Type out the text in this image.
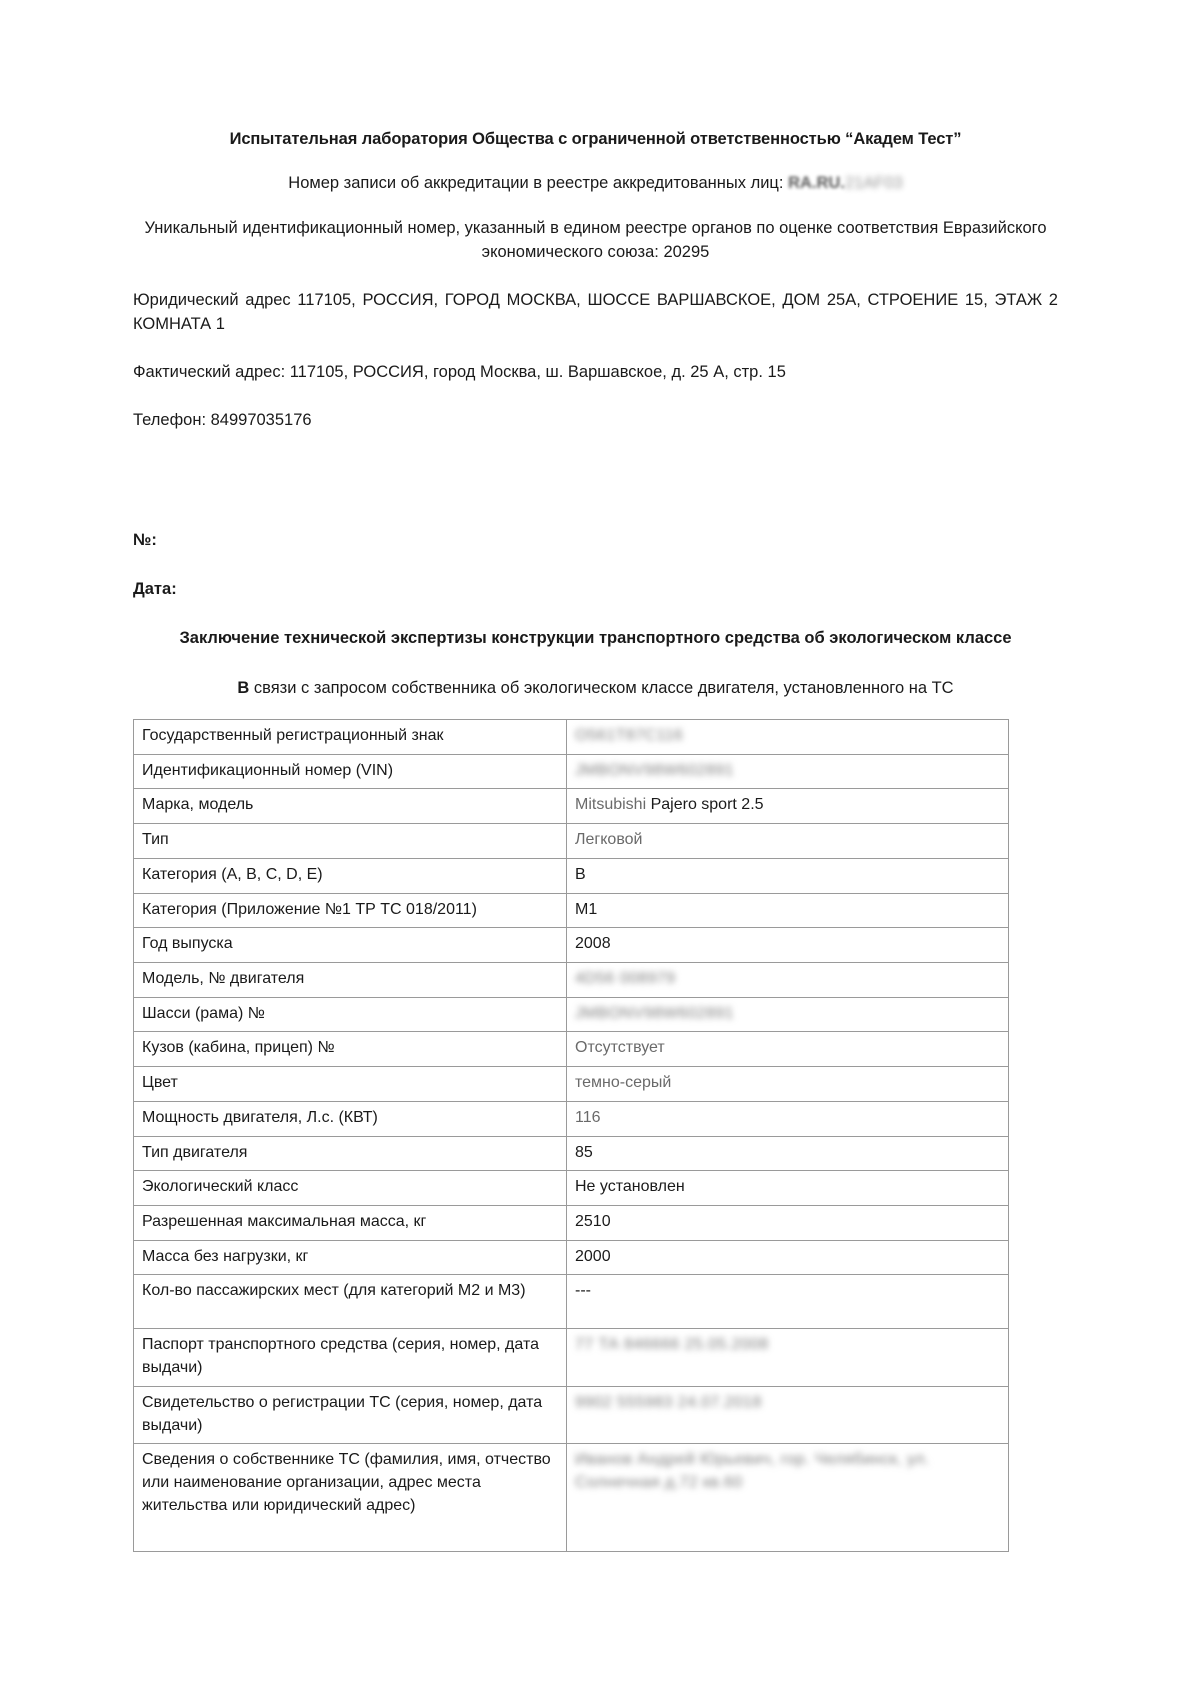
Испытательная лаборатория Общества с ограниченной ответственностью “Академ Тест”
Номер записи об аккредитации в реестре аккредитованных лиц: RA.RU.21AF03
Уникальный идентификационный номер, указанный в едином реестре органов по оценке соответствия Евразийского экономического союза: 20295
Юридический адрес 117105, РОССИЯ, ГОРОД МОСКВА, ШОССЕ ВАРШАВСКОЕ, ДОМ 25А, СТРОЕНИЕ 15, ЭТАЖ 2 КОМНАТА 1
Фактический адрес: 117105, РОССИЯ, город Москва, ш. Варшавское, д. 25 А, стр. 15
Телефон: 84997035176
№:
Дата:
Заключение технической экспертизы конструкции транспортного средства об экологическом классе
В связи с запросом собственника об экологическом классе двигателя, установленного на ТС
Государственный регистрационный знак	О561Т87С116
Идентификационный номер (VIN)	JMBONV98W602891
Марка, модель	Mitsubishi Pajero sport 2.5
Тип	Легковой
Категория (A, B, C, D, E)	B
Категория (Приложение №1 ТР ТС 018/2011)	M1
Год выпуска	2008
Модель, № двигателя	4D56 008979
Шасси (рама) №	JMBONV98W602891
Кузов (кабина, прицеп) №	Отсутствует
Цвет	темно-серый
Мощность двигателя, Л.с. (КВТ)	116
Тип двигателя	85
Экологический класс	Не установлен
Разрешенная максимальная масса, кг	2510
Масса без нагрузки, кг	2000
Кол-во пассажирских мест (для категорий М2 и М3)	---
Паспорт транспортного средства (серия, номер, дата выдачи)	77 ТА 846666 25.05.2008
Свидетельство о регистрации ТС (серия, номер, дата выдачи)	9902 555983 24.07.2018
Сведения о собственнике ТС (фамилия, имя, отчество или наименование организации, адрес места жительства или юридический адрес)	Иванов Андрей Юрьевич, гор. Челябинск, ул. Солнечная д.72 кв.60
